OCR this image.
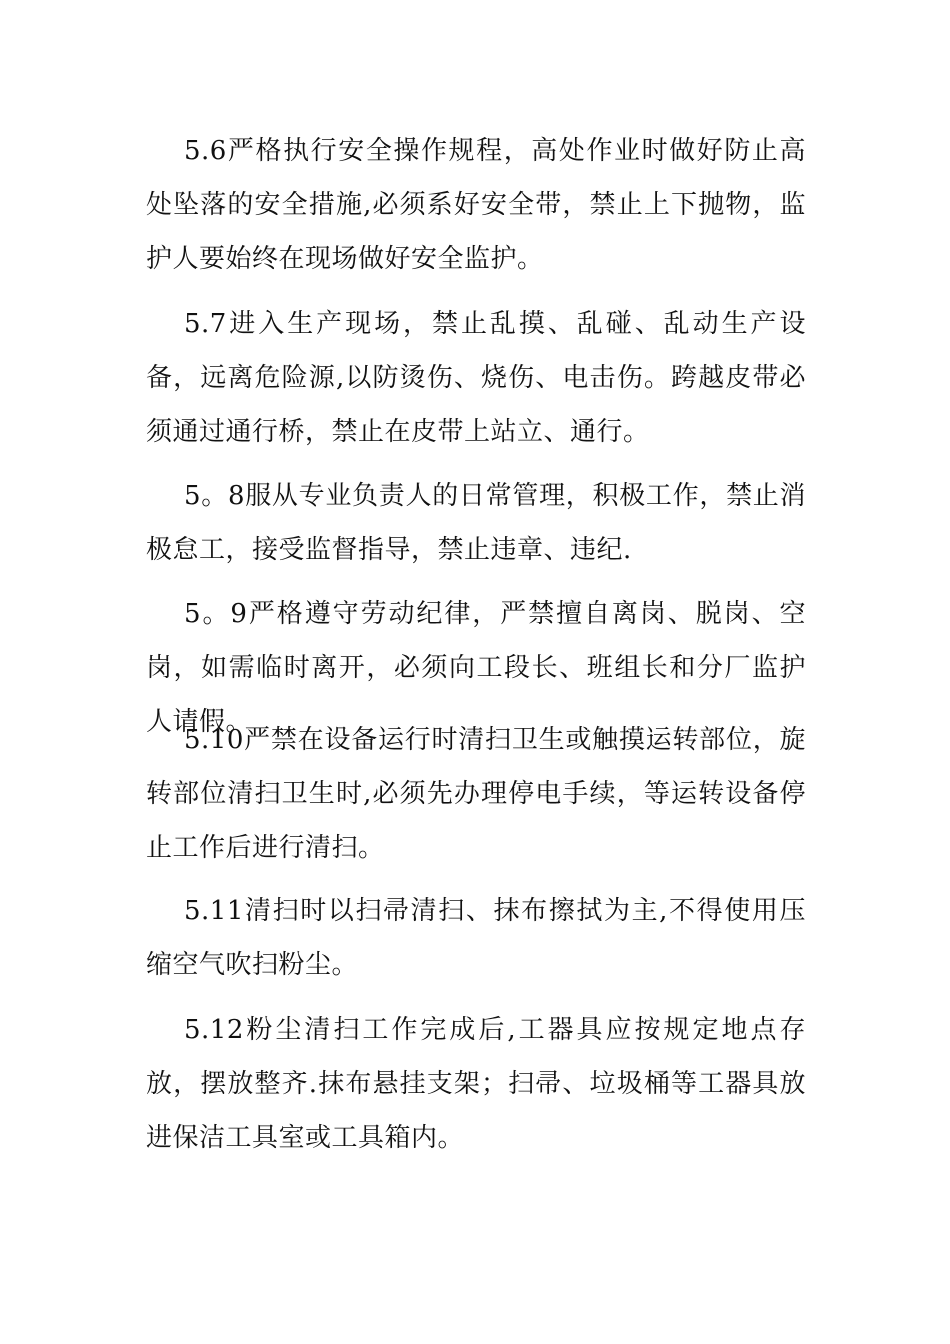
5.6严格执行安全操作规程，高处作业时做好防止高处坠落的安全措施,必须系好安全带，禁止上下抛物，监护人要始终在现场做好安全监护。

5.7进入生产现场，禁止乱摸、乱碰、乱动生产设备，远离危险源,以防烫伤、烧伤、电击伤。跨越皮带必须通过通行桥，禁止在皮带上站立、通行。

5。8服从专业负责人的日常管理，积极工作，禁止消极怠工，接受监督指导，禁止违章、违纪.

5。9严格遵守劳动纪律，严禁擅自离岗、脱岗、空岗，如需临时离开，必须向工段长、班组长和分厂监护人请假。

5.10严禁在设备运行时清扫卫生或触摸运转部位，旋转部位清扫卫生时,必须先办理停电手续，等运转设备停止工作后进行清扫。

5.11清扫时以扫帚清扫、抹布擦拭为主,不得使用压缩空气吹扫粉尘。

5.12粉尘清扫工作完成后,工器具应按规定地点存放，摆放整齐.抹布悬挂支架；扫帚、垃圾桶等工器具放进保洁工具室或工具箱内。
